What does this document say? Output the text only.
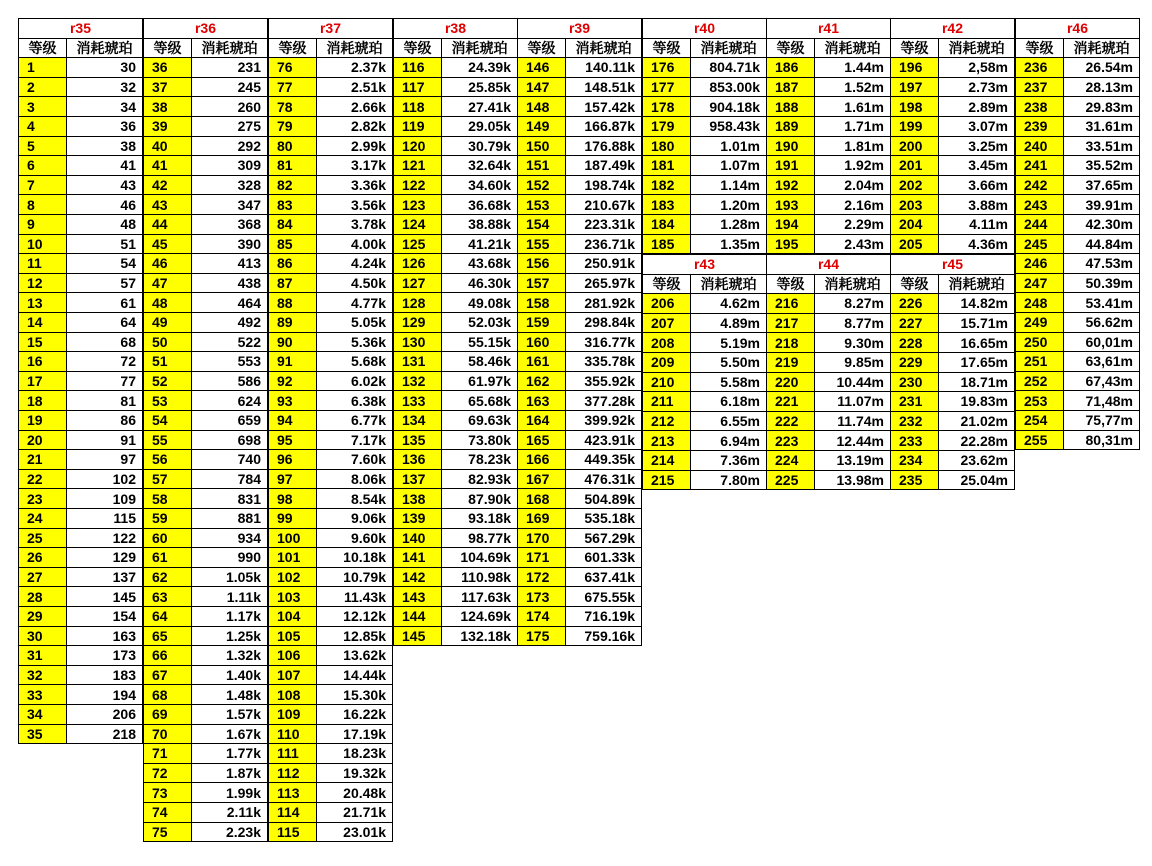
r35
等级	消耗琥珀
1	30
2	32
3	34
4	36
5	38
6	41
7	43
8	46
9	48
10	51
11	54
12	57
13	61
14	64
15	68
16	72
17	77
18	81
19	86
20	91
21	97
22	102
23	109
24	115
25	122
26	129
27	137
28	145
29	154
30	163
31	173
32	183
33	194
34	206
35	218
r36
等级	消耗琥珀
36	231
37	245
38	260
39	275
40	292
41	309
42	328
43	347
44	368
45	390
46	413
47	438
48	464
49	492
50	522
51	553
52	586
53	624
54	659
55	698
56	740
57	784
58	831
59	881
60	934
61	990
62	1.05k
63	1.11k
64	1.17k
65	1.25k
66	1.32k
67	1.40k
68	1.48k
69	1.57k
70	1.67k
71	1.77k
72	1.87k
73	1.99k
74	2.11k
75	2.23k
r37
等级	消耗琥珀
76	2.37k
77	2.51k
78	2.66k
79	2.82k
80	2.99k
81	3.17k
82	3.36k
83	3.56k
84	3.78k
85	4.00k
86	4.24k
87	4.50k
88	4.77k
89	5.05k
90	5.36k
91	5.68k
92	6.02k
93	6.38k
94	6.77k
95	7.17k
96	7.60k
97	8.06k
98	8.54k
99	9.06k
100	9.60k
101	10.18k
102	10.79k
103	11.43k
104	12.12k
105	12.85k
106	13.62k
107	14.44k
108	15.30k
109	16.22k
110	17.19k
111	18.23k
112	19.32k
113	20.48k
114	21.71k
115	23.01k
r38
等级	消耗琥珀
116	24.39k
117	25.85k
118	27.41k
119	29.05k
120	30.79k
121	32.64k
122	34.60k
123	36.68k
124	38.88k
125	41.21k
126	43.68k
127	46.30k
128	49.08k
129	52.03k
130	55.15k
131	58.46k
132	61.97k
133	65.68k
134	69.63k
135	73.80k
136	78.23k
137	82.93k
138	87.90k
139	93.18k
140	98.77k
141	104.69k
142	110.98k
143	117.63k
144	124.69k
145	132.18k
r39
等级	消耗琥珀
146	140.11k
147	148.51k
148	157.42k
149	166.87k
150	176.88k
151	187.49k
152	198.74k
153	210.67k
154	223.31k
155	236.71k
156	250.91k
157	265.97k
158	281.92k
159	298.84k
160	316.77k
161	335.78k
162	355.92k
163	377.28k
164	399.92k
165	423.91k
166	449.35k
167	476.31k
168	504.89k
169	535.18k
170	567.29k
171	601.33k
172	637.41k
173	675.55k
174	716.19k
175	759.16k
r40
等级	消耗琥珀
176	804.71k
177	853.00k
178	904.18k
179	958.43k
180	1.01m
181	1.07m
182	1.14m
183	1.20m
184	1.28m
185	1.35m
r41
等级	消耗琥珀
186	1.44m
187	1.52m
188	1.61m
189	1.71m
190	1.81m
191	1.92m
192	2.04m
193	2.16m
194	2.29m
195	2.43m
r42
等级	消耗琥珀
196	2,58m
197	2.73m
198	2.89m
199	3.07m
200	3.25m
201	3.45m
202	3.66m
203	3.88m
204	4.11m
205	4.36m
r46
等级	消耗琥珀
236	26.54m
237	28.13m
238	29.83m
239	31.61m
240	33.51m
241	35.52m
242	37.65m
243	39.91m
244	42.30m
245	44.84m
246	47.53m
247	50.39m
248	53.41m
249	56.62m
250	60,01m
251	63,61m
252	67,43m
253	71,48m
254	75,77m
255	80,31m
r43
等级	消耗琥珀
206	4.62m
207	4.89m
208	5.19m
209	5.50m
210	5.58m
211	6.18m
212	6.55m
213	6.94m
214	7.36m
215	7.80m
r44
等级	消耗琥珀
216	8.27m
217	8.77m
218	9.30m
219	9.85m
220	10.44m
221	11.07m
222	11.74m
223	12.44m
224	13.19m
225	13.98m
r45
等级	消耗琥珀
226	14.82m
227	15.71m
228	16.65m
229	17.65m
230	18.71m
231	19.83m
232	21.02m
233	22.28m
234	23.62m
235	25.04m
